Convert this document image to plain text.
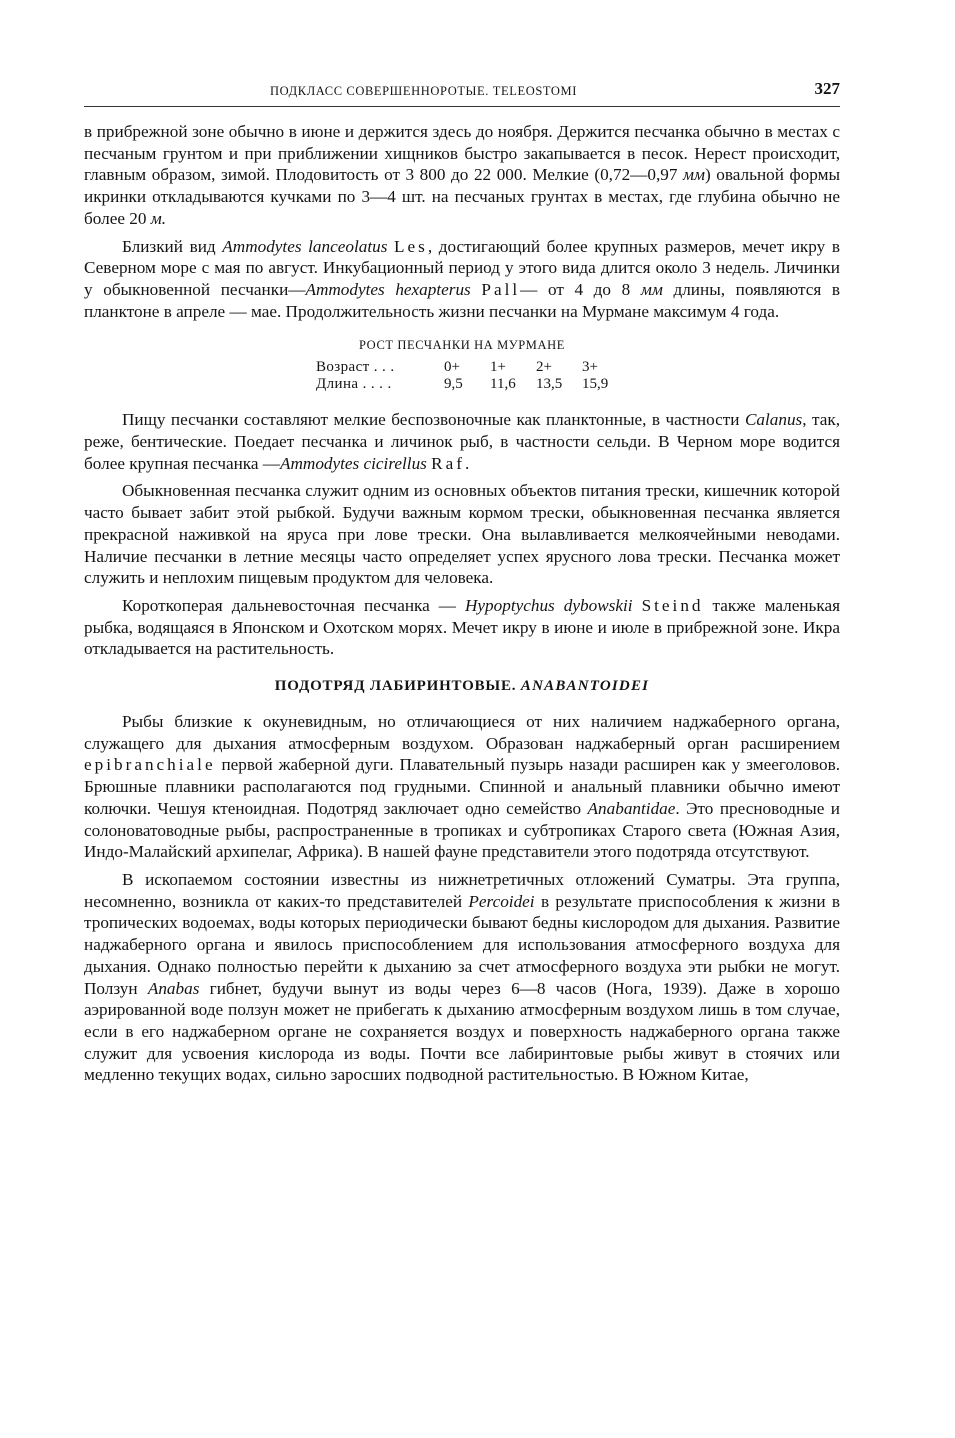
ПОДКЛАСС СОВЕРШЕННОРОТЫЕ. TELEOSTOMI	327

в прибрежной зоне обычно в июне и держится здесь до ноября. Держится песчанка обычно в местах с песчаным грунтом и при приближении хищников быстро закапывается в песок. Нерест происходит, главным образом, зимой. Плодовитость от 3 800 до 22 000. Мелкие (0,72—0,97 мм) овальной формы икринки откладываются кучками по 3—4 шт. на песчаных грунтах в местах, где глубина обычно не более 20 м.

Близкий вид Ammodytes lanceolatus Les, достигающий более крупных размеров, мечет икру в Северном море с мая по август. Инкубационный период у этого вида длится около 3 недель. Личинки у обыкновенной песчанки—Ammodytes hexapterus Pall— от 4 до 8 мм длины, появляются в планктоне в апреле — мае. Продолжительность жизни песчанки на Мурмане максимум 4 года.

РОСТ ПЕСЧАНКИ НА МУРМАНЕ
Возраст . . .	0+	1+	2+	3+
Длина . . . .	9,5	11,6	13,5	15,9

Пищу песчанки составляют мелкие беспозвоночные как планктонные, в частности Calanus, так, реже, бентические. Поедает песчанка и личинок рыб, в частности сельди. В Черном море водится более крупная песчанка —Ammodytes cicirellus Raf.

Обыкновенная песчанка служит одним из основных объектов питания трески, кишечник которой часто бывает забит этой рыбкой. Будучи важным кормом трески, обыкновенная песчанка является прекрасной наживкой на яруса при лове трески. Она вылавливается мелкоячейными неводами. Наличие песчанки в летние месяцы часто определяет успех ярусного лова трески. Песчанка может служить и неплохим пищевым продуктом для человека.

Короткоперая дальневосточная песчанка — Hypoptychus dybowskii Steind также маленькая рыбка, водящаяся в Японском и Охотском морях. Мечет икру в июне и июле в прибрежной зоне. Икра откладывается на растительность.

ПОДОТРЯД ЛАБИРИНТОВЫЕ. ANABANTOIDEI

Рыбы близкие к окуневидным, но отличающиеся от них наличием наджаберного органа, служащего для дыхания атмосферным воздухом. Образован наджаберный орган расширением epibranchiale первой жаберной дуги. Плавательный пузырь назади расширен как у змееголовов. Брюшные плавники располагаются под грудными. Спинной и анальный плавники обычно имеют колючки. Чешуя ктеноидная. Подотряд заключает одно семейство Anabantidae. Это пресноводные и солоноватоводные рыбы, распространенные в тропиках и субтропиках Старого света (Южная Азия, Индо-Малайский архипелаг, Африка). В нашей фауне представители этого подотряда отсутствуют.

В ископаемом состоянии известны из нижнетретичных отложений Суматры. Эта группа, несомненно, возникла от каких-то представителей Percoidei в результате приспособления к жизни в тропических водоемах, воды которых периодически бывают бедны кислородом для дыхания. Развитие наджаберного органа и явилось приспособлением для использования атмосферного воздуха для дыхания. Однако полностью перейти к дыханию за счет атмосферного воздуха эти рыбки не могут. Ползун Anabas гибнет, будучи вынут из воды через 6—8 часов (Нога, 1939). Даже в хорошо аэрированной воде ползун может не прибегать к дыханию атмосферным воздухом лишь в том случае, если в его наджаберном органе не сохраняется воздух и поверхность наджаберного органа также служит для усвоения кислорода из воды. Почти все лабиринтовые рыбы живут в стоячих или медленно текущих водах, сильно заросших подводной растительностью. В Южном Китае,
